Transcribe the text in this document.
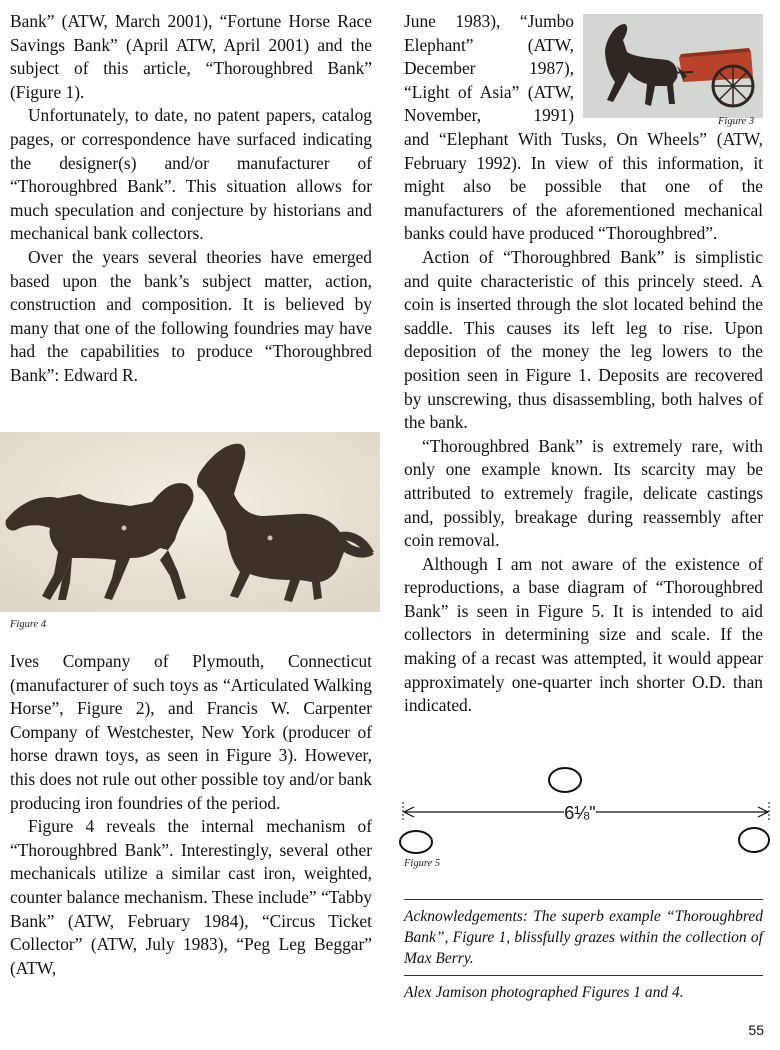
Bank” (ATW, March 2001), “Fortune Horse Race Savings Bank” (April ATW, April 2001) and the subject of this article, “Thoroughbred Bank” (Figure 1).

Unfortunately, to date, no patent papers, catalog pages, or correspondence have surfaced indicating the designer(s) and/or manufacturer of “Thoroughbred Bank”. This situation allows for much speculation and conjecture by historians and mechanical bank collectors.

Over the years several theories have emerged based upon the bank’s subject matter, action, construction and composition. It is believed by many that one of the following foundries may have had the capabilities to produce “Thoroughbred Bank”: Edward R.

Figure 4

Ives Company of Plymouth, Connecticut (manufacturer of such toys as “Articulated Walking Horse”, Figure 2), and Francis W. Carpenter Company of Westchester, New York (producer of horse drawn toys, as seen in Figure 3). However, this does not rule out other possible toy and/or bank producing iron foundries of the period.

Figure 4 reveals the internal mechanism of “Thoroughbred Bank”. Interestingly, several other mechanicals utilize a similar cast iron, weighted, counter balance mechanism. These include” “Tabby Bank” (ATW, February 1984), “Circus Ticket Collector” (ATW, July 1983), “Peg Leg Beggar” (ATW,

Figure 3

June 1983), “Jumbo

Elephant” (ATW,

December 1987),

“Light of Asia” (ATW,

November, 1991)

and “Elephant With Tusks, On Wheels” (ATW, February 1992). In view of this information, it might also be possible that one of the manufacturers of the aforementioned mechanical banks could have produced “Thoroughbred”.

Action of “Thoroughbred Bank” is simplistic and quite characteristic of this princely steed. A coin is inserted through the slot located behind the saddle. This causes its left leg to rise. Upon deposition of the money the leg lowers to the position seen in Figure 1. Deposits are recovered by unscrewing, thus disassembling, both halves of the bank.

“Thoroughbred Bank” is extremely rare, with only one example known. Its scarcity may be attributed to extremely fragile, delicate castings and, possibly, breakage during reassembly after coin removal.

Although I am not aware of the existence of reproductions, a base diagram of “Thoroughbred Bank” is seen in Figure 5. It is intended to aid collectors in determining size and scale. If the making of a recast was attempted, it would appear approximately one-quarter inch shorter O.D. than indicated.

6⅛"
Figure 5
Acknowledgements: The superb example “Thoroughbred Bank”, Figure 1, blissfully grazes within the collection of Max Berry.
Alex Jamison photographed Figures 1 and 4.
55
